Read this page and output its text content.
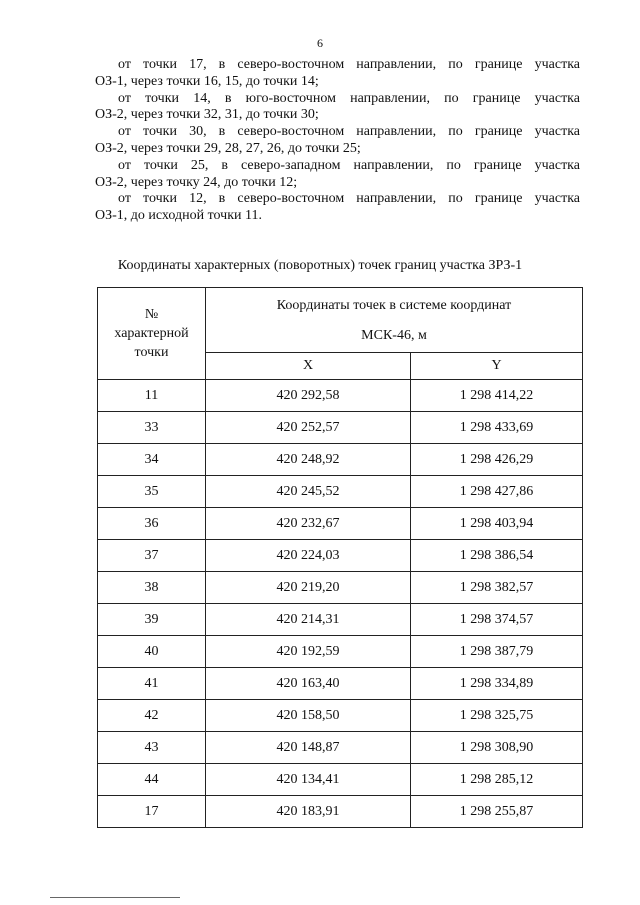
6

от точки 17, в северо-восточном направлении, по границе участка
ОЗ-1, через точки 16, 15, до точки 14;

от точки 14, в юго-восточном направлении, по границе участка
ОЗ-2, через точки 32, 31, до точки 30;

от точки 30, в северо-восточном направлении, по границе участка
ОЗ-2, через точки 29, 28, 27, 26, до точки 25;

от точки 25, в северо-западном направлении, по границе участка
ОЗ-2, через точку 24, до точки 12;

от точки 12, в северо-восточном направлении, по границе участка
ОЗ-1, до исходной точки 11.

Координаты характерных (поворотных) точек границ участка ЗРЗ-1
№
характерной
точки	Координаты точек в системе координат
МСК-46, м	

	X	Y
11	420 292,58	1 298 414,22
33	420 252,57	1 298 433,69
34	420 248,92	1 298 426,29
35	420 245,52	1 298 427,86
36	420 232,67	1 298 403,94
37	420 224,03	1 298 386,54
38	420 219,20	1 298 382,57
39	420 214,31	1 298 374,57
40	420 192,59	1 298 387,79
41	420 163,40	1 298 334,89
42	420 158,50	1 298 325,75
43	420 148,87	1 298 308,90
44	420 134,41	1 298 285,12
17	420 183,91	1 298 255,87
